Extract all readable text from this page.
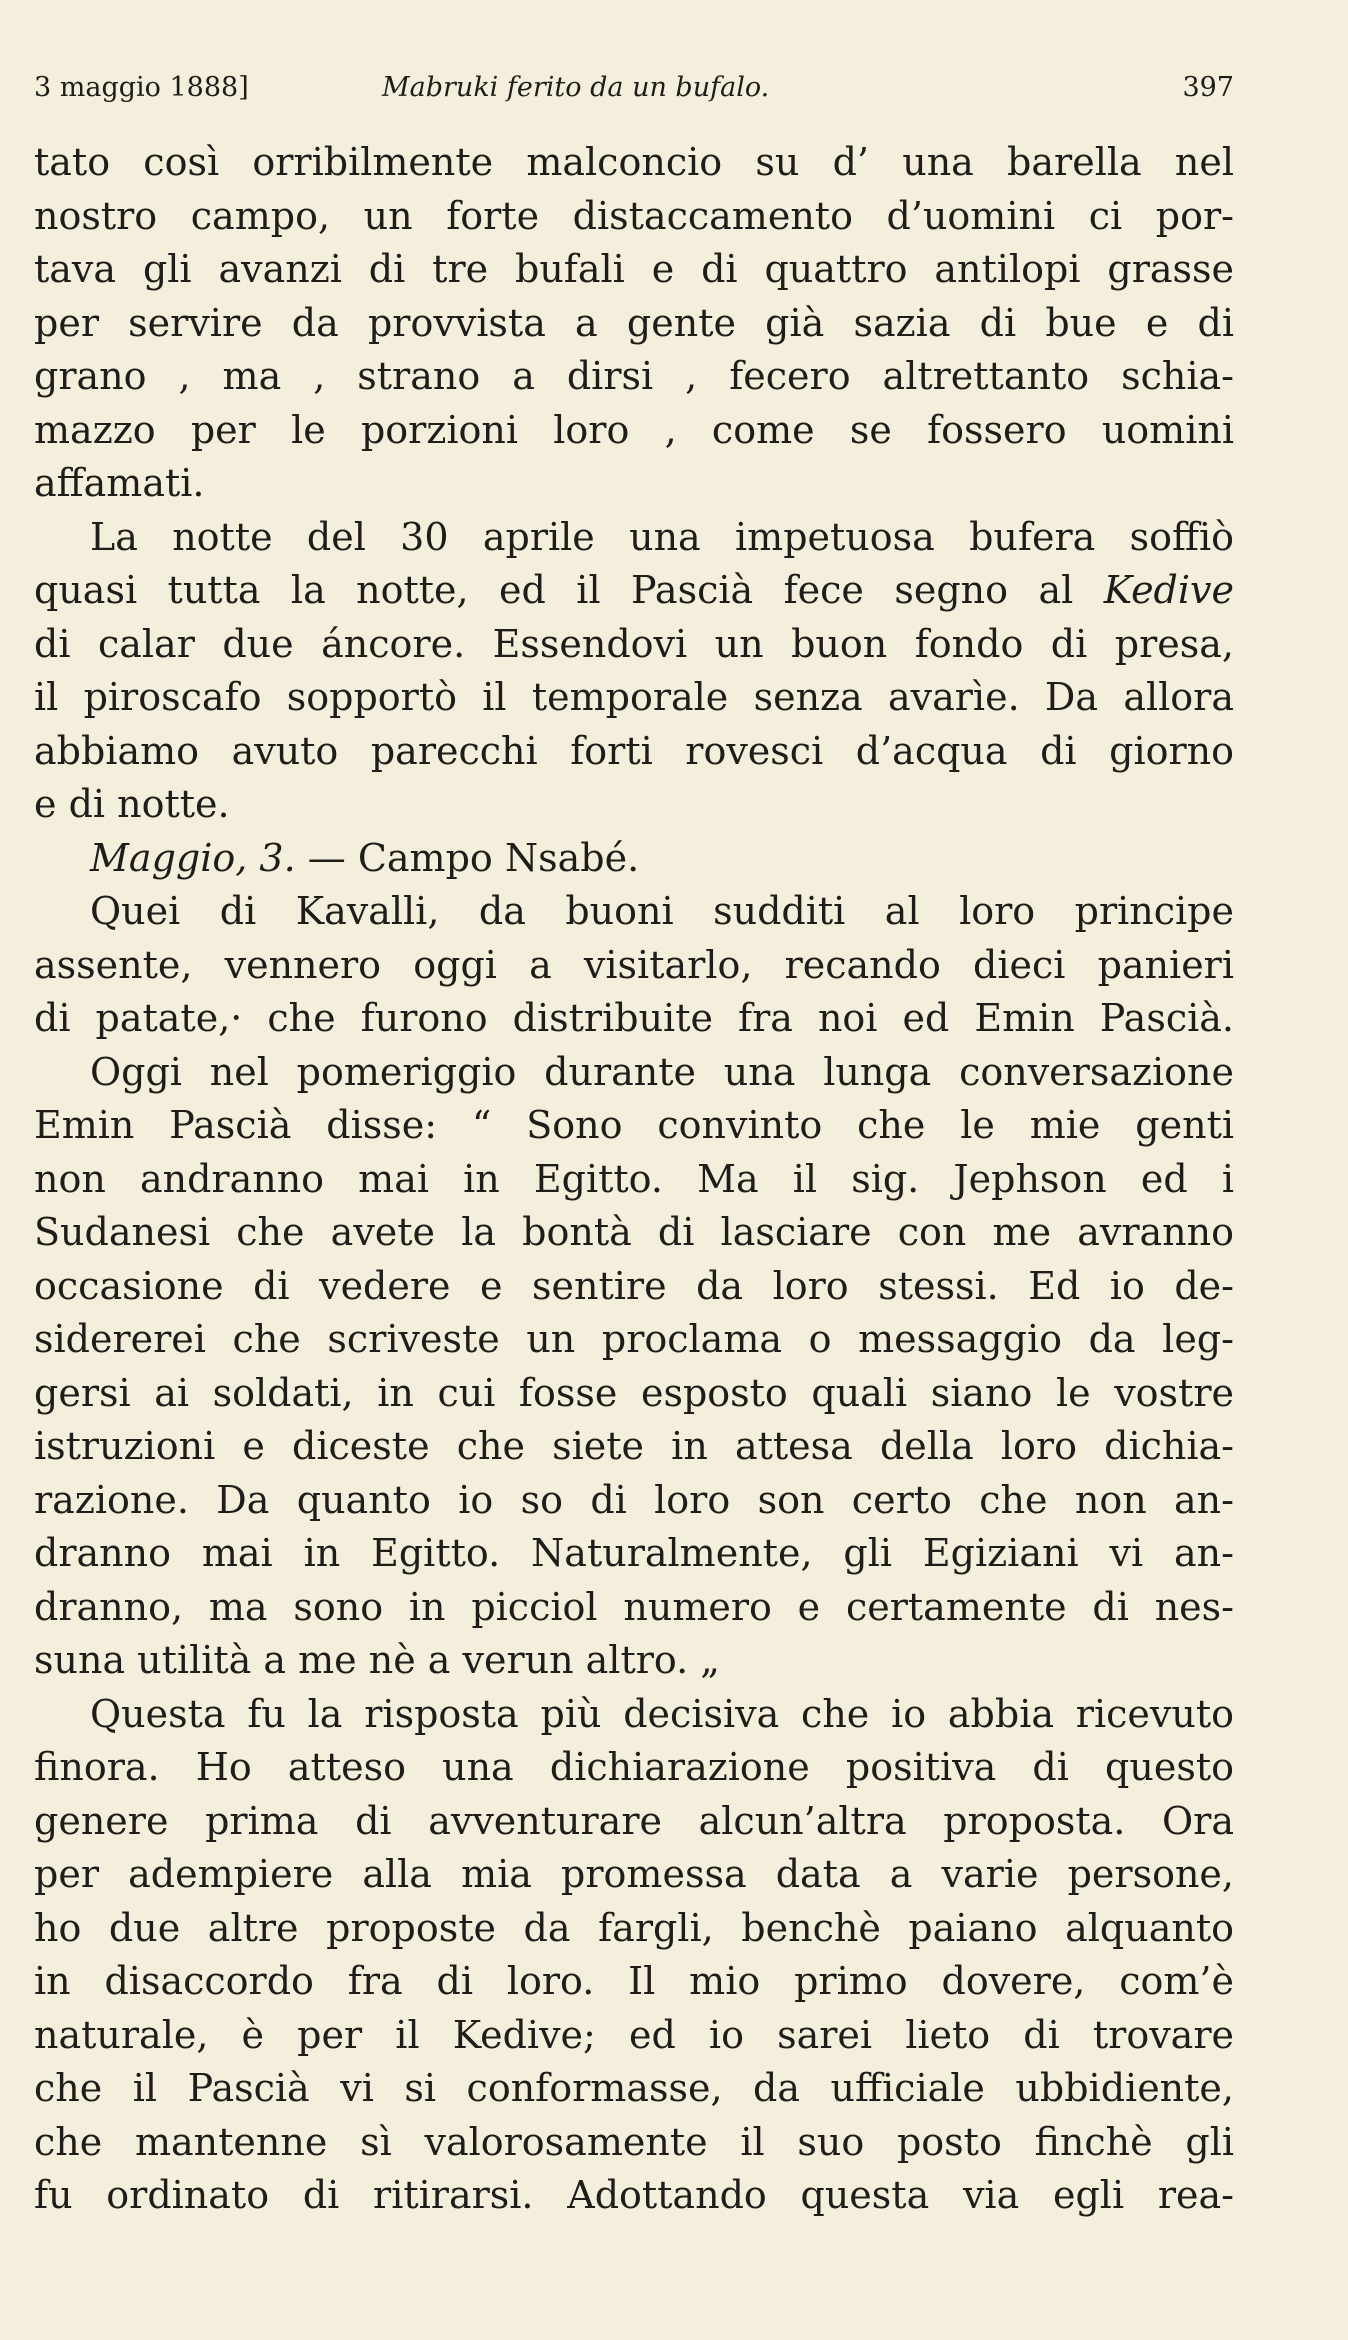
3 maggio 1888]	Mabruki ferito da un bufalo.	397
tato così orribilmente malconcio su d’ una barella nel
nostro campo, un forte distaccamento d’uomini ci por-
tava gli avanzi di tre bufali e di quattro antilopi grasse
per servire da provvista a gente già sazia di bue e di
grano , ma , strano a dirsi , fecero altrettanto schia-
mazzo per le porzioni loro , come se fossero uomini
affamati.
La notte del 30 aprile una impetuosa bufera soffiò
quasi tutta la notte, ed il Pascià fece segno al Kedive
di calar due áncore. Essendovi un buon fondo di presa,
il piroscafo sopportò il temporale senza avarìe. Da allora
abbiamo avuto parecchi forti rovesci d’acqua di giorno
e di notte.
Maggio, 3. — Campo Nsabé.
Quei di Kavalli, da buoni sudditi al loro principe
assente, vennero oggi a visitarlo, recando dieci panieri
di patate,· che furono distribuite fra noi ed Emin Pascià.
Oggi nel pomeriggio durante una lunga conversazione
Emin Pascià disse: “ Sono convinto che le mie genti
non andranno mai in Egitto. Ma il sig. Jephson ed i
Sudanesi che avete la bontà di lasciare con me avranno
occasione di vedere e sentire da loro stessi. Ed io de-
sidererei che scriveste un proclama o messaggio da leg-
gersi ai soldati, in cui fosse esposto quali siano le vostre
istruzioni e diceste che siete in attesa della loro dichia-
razione. Da quanto io so di loro son certo che non an-
dranno mai in Egitto. Naturalmente, gli Egiziani vi an-
dranno, ma sono in picciol numero e certamente di nes-
suna utilità a me nè a verun altro. „
Questa fu la risposta più decisiva che io abbia ricevuto
finora. Ho atteso una dichiarazione positiva di questo
genere prima di avventurare alcun’altra proposta. Ora
per adempiere alla mia promessa data a varie persone,
ho due altre proposte da fargli, benchè paiano alquanto
in disaccordo fra di loro. Il mio primo dovere, com’è
naturale, è per il Kedive; ed io sarei lieto di trovare
che il Pascià vi si conformasse, da ufficiale ubbidiente,
che mantenne sì valorosamente il suo posto finchè gli
fu ordinato di ritirarsi. Adottando questa via egli rea-
